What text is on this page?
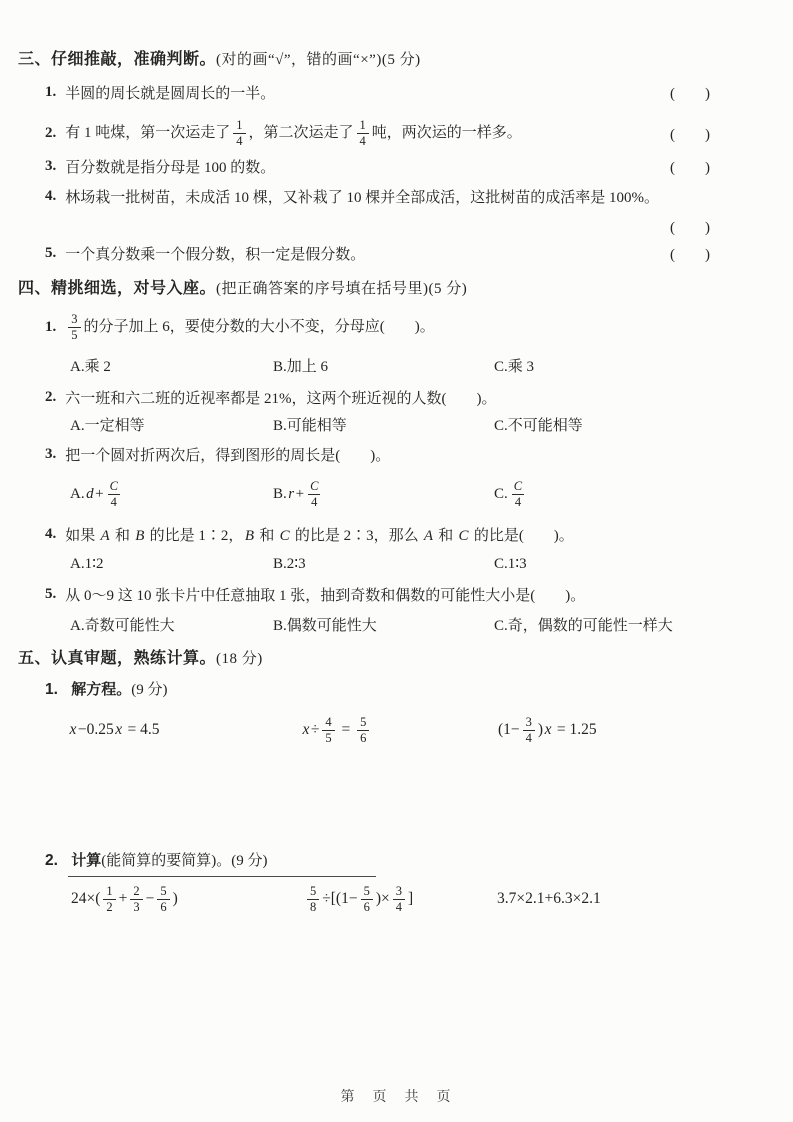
三、仔细推敲，准确判断。(对的画“√”，错的画“×”)(5 分)
1. 半圆的周长就是圆周长的一半。	(　　)
2. 有 1 吨煤，第一次运走了 $\frac{1}{4}$ ，第二次运走了 $\frac{1}{4}$ 吨，两次运的一样多。	(　　)
3. 百分数就是指分母是 100 的数。	(　　)
4. 林场栽一批树苗，未成活 10 棵，又补栽了 10 棵并全部成活，这批树苗的成活率是 100%。
(　　)
5. 一个真分数乘一个假分数，积一定是假分数。	(　　)
四、精挑细选，对号入座。(把正确答案的序号填在括号里)(5 分)
1. $\frac{3}{5}$ 的分子加上 6，要使分数的大小不变，分母应(　　)。
A.乘 2	B.加上 6	C.乘 3
2. 六一班和六二班的近视率都是 21%，这两个班近视的人数(　　)。
A.一定相等	B.可能相等	C.不可能相等
3. 把一个圆对折两次后，得到图形的周长是(　　)。
A. $d + \frac{C}{4}$	B. $r + \frac{C}{4}$	C. $\frac{C}{4}$
4. 如果 A 和 B 的比是 1∶2， B 和 C 的比是 2∶3，那么 A 和 C 的比是(　　)。
A.1∶2	B.2∶3	C.1∶3
5. 从 0～9 这 10 张卡片中任意抽取 1 张，抽到奇数和偶数的可能性大小是(　　)。
A.奇数可能性大	B.偶数可能性大	C.奇，偶数的可能性一样大
五、认真审题，熟练计算。(18 分)
1. 解方程。(9 分)
x−0.25x = 4.5	$x\div \frac{4}{5} = \frac{5}{6}$	$(1- \frac{3}{4} )x = 1.25$
2. 计算(能简算的要简算)。(9 分)
$24\times( \frac{1}{2} + \frac{2}{3} - \frac{5}{6}$ )	$\frac{5}{8} \div[(1- \frac{5}{6}$ )× $\frac{3}{4}$ ]	3.7×2.1+6.3×2.1
第　页　共　页
